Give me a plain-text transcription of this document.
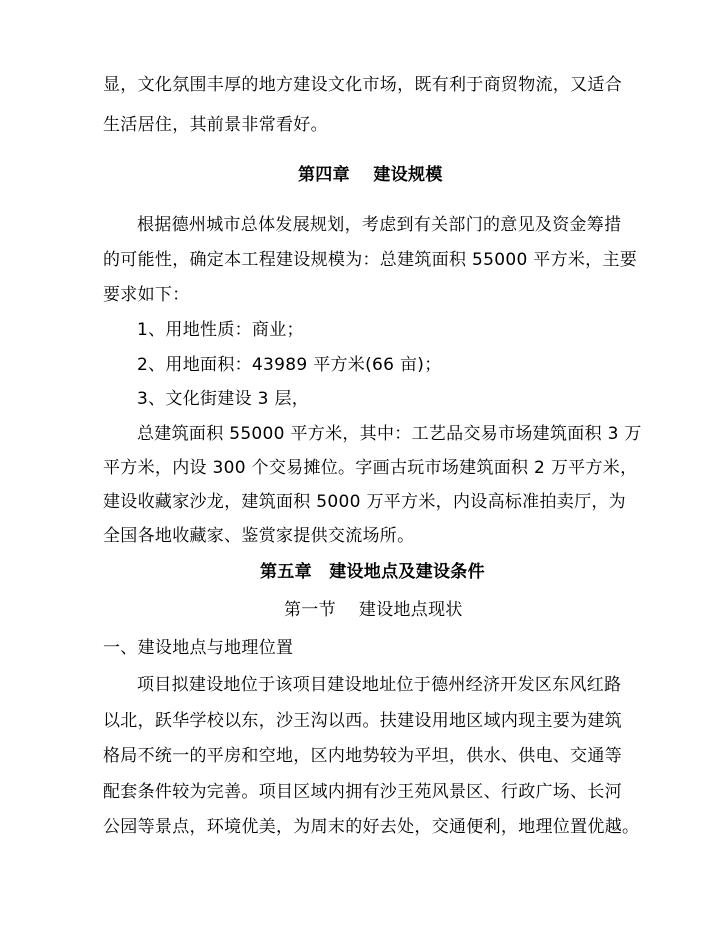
显，文化氛围丰厚的地方建设文化市场，既有利于商贸物流，又适合
生活居住，其前景非常看好。
第四章　 建设规模
根据德州城市总体发展规划，考虑到有关部门的意见及资金筹措
的可能性，确定本工程建设规模为：总建筑面积 55000 平方米，主要
要求如下：
1、用地性质：商业；
2、用地面积：43989 平方米(66 亩)；
3、文化街建设 3 层，
总建筑面积 55000 平方米，其中：工艺品交易市场建筑面积 3 万
平方米，内设 300 个交易摊位。字画古玩市场建筑面积 2 万平方米，
建设收藏家沙龙，建筑面积 5000 万平方米，内设高标准拍卖厅，为
全国各地收藏家、鉴赏家提供交流场所。
第五章　建设地点及建设条件
第一节　 建设地点现状
一、建设地点与地理位置
项目拟建设地位于该项目建设地址位于德州经济开发区东风红路
以北，跃华学校以东，沙王沟以西。扶建设用地区域内现主要为建筑
格局不统一的平房和空地，区内地势较为平坦，供水、供电、交通等
配套条件较为完善。项目区域内拥有沙王苑风景区、行政广场、长河
公园等景点，环境优美，为周末的好去处，交通便利，地理位置优越。
